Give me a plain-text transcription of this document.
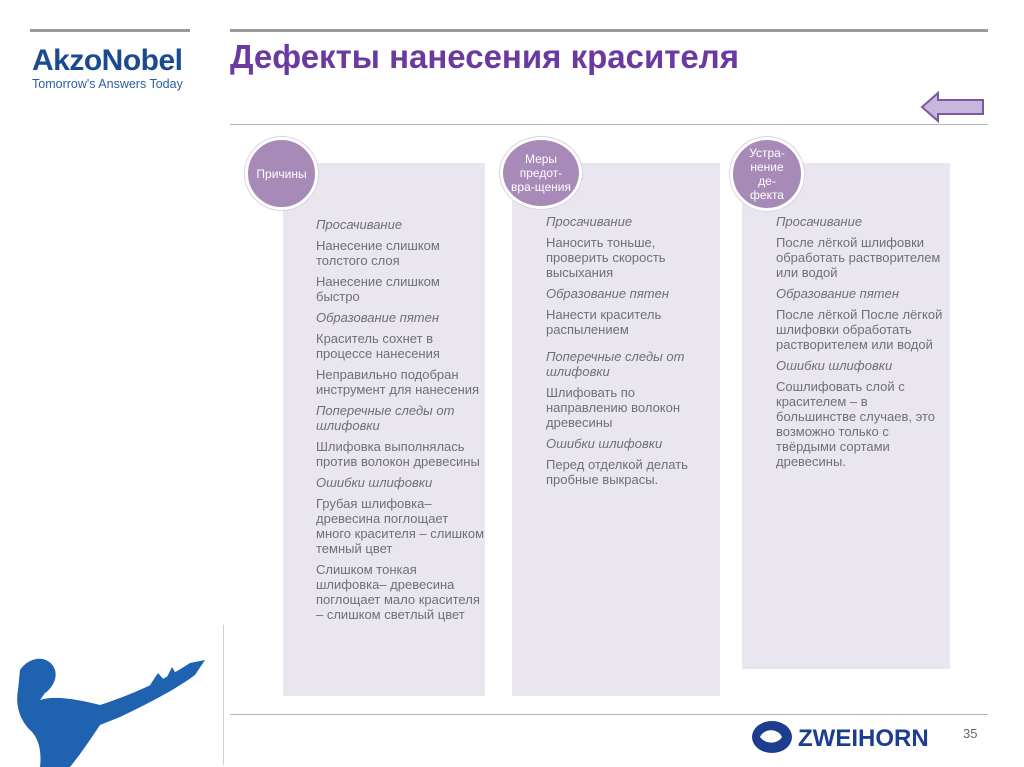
AkzoNobel
Tomorrow's Answers Today
Дефекты нанесения красителя
Причины
Меры предот-вра-щения
Устра-нение де-фекта
Просачивание
Нанесение слишком толстого слоя
Нанесение слишком быстро
Образование пятен
Краситель сохнет в процессе нанесения
Неправильно подобран инструмент для нанесения
Поперечные следы от шлифовки
Шлифовка выполнялась против волокон древесины
Ошибки шлифовки
Грубая шлифовка– древесина поглощает много красителя – слишком темный цвет
Слишком тонкая шлифовка– древесина поглощает мало красителя – слишком светлый цвет
Просачивание
Наносить тоньше, проверить скорость высыхания
Образование пятен
Нанести краситель распылением
Поперечные следы от шлифовки
Шлифовать по направлению волокон древесины
Ошибки шлифовки
Перед отделкой делать пробные выкрасы.
Просачивание
После лёгкой шлифовки обработать растворителем или водой
Образование пятен
После лёгкой После лёгкой шлифовки обработать растворителем или водой
Ошибки шлифовки
Сошлифовать слой с красителем – в большинстве случаев, это возможно только с твёрдыми сортами древесины.
ZWEIHORN	35
